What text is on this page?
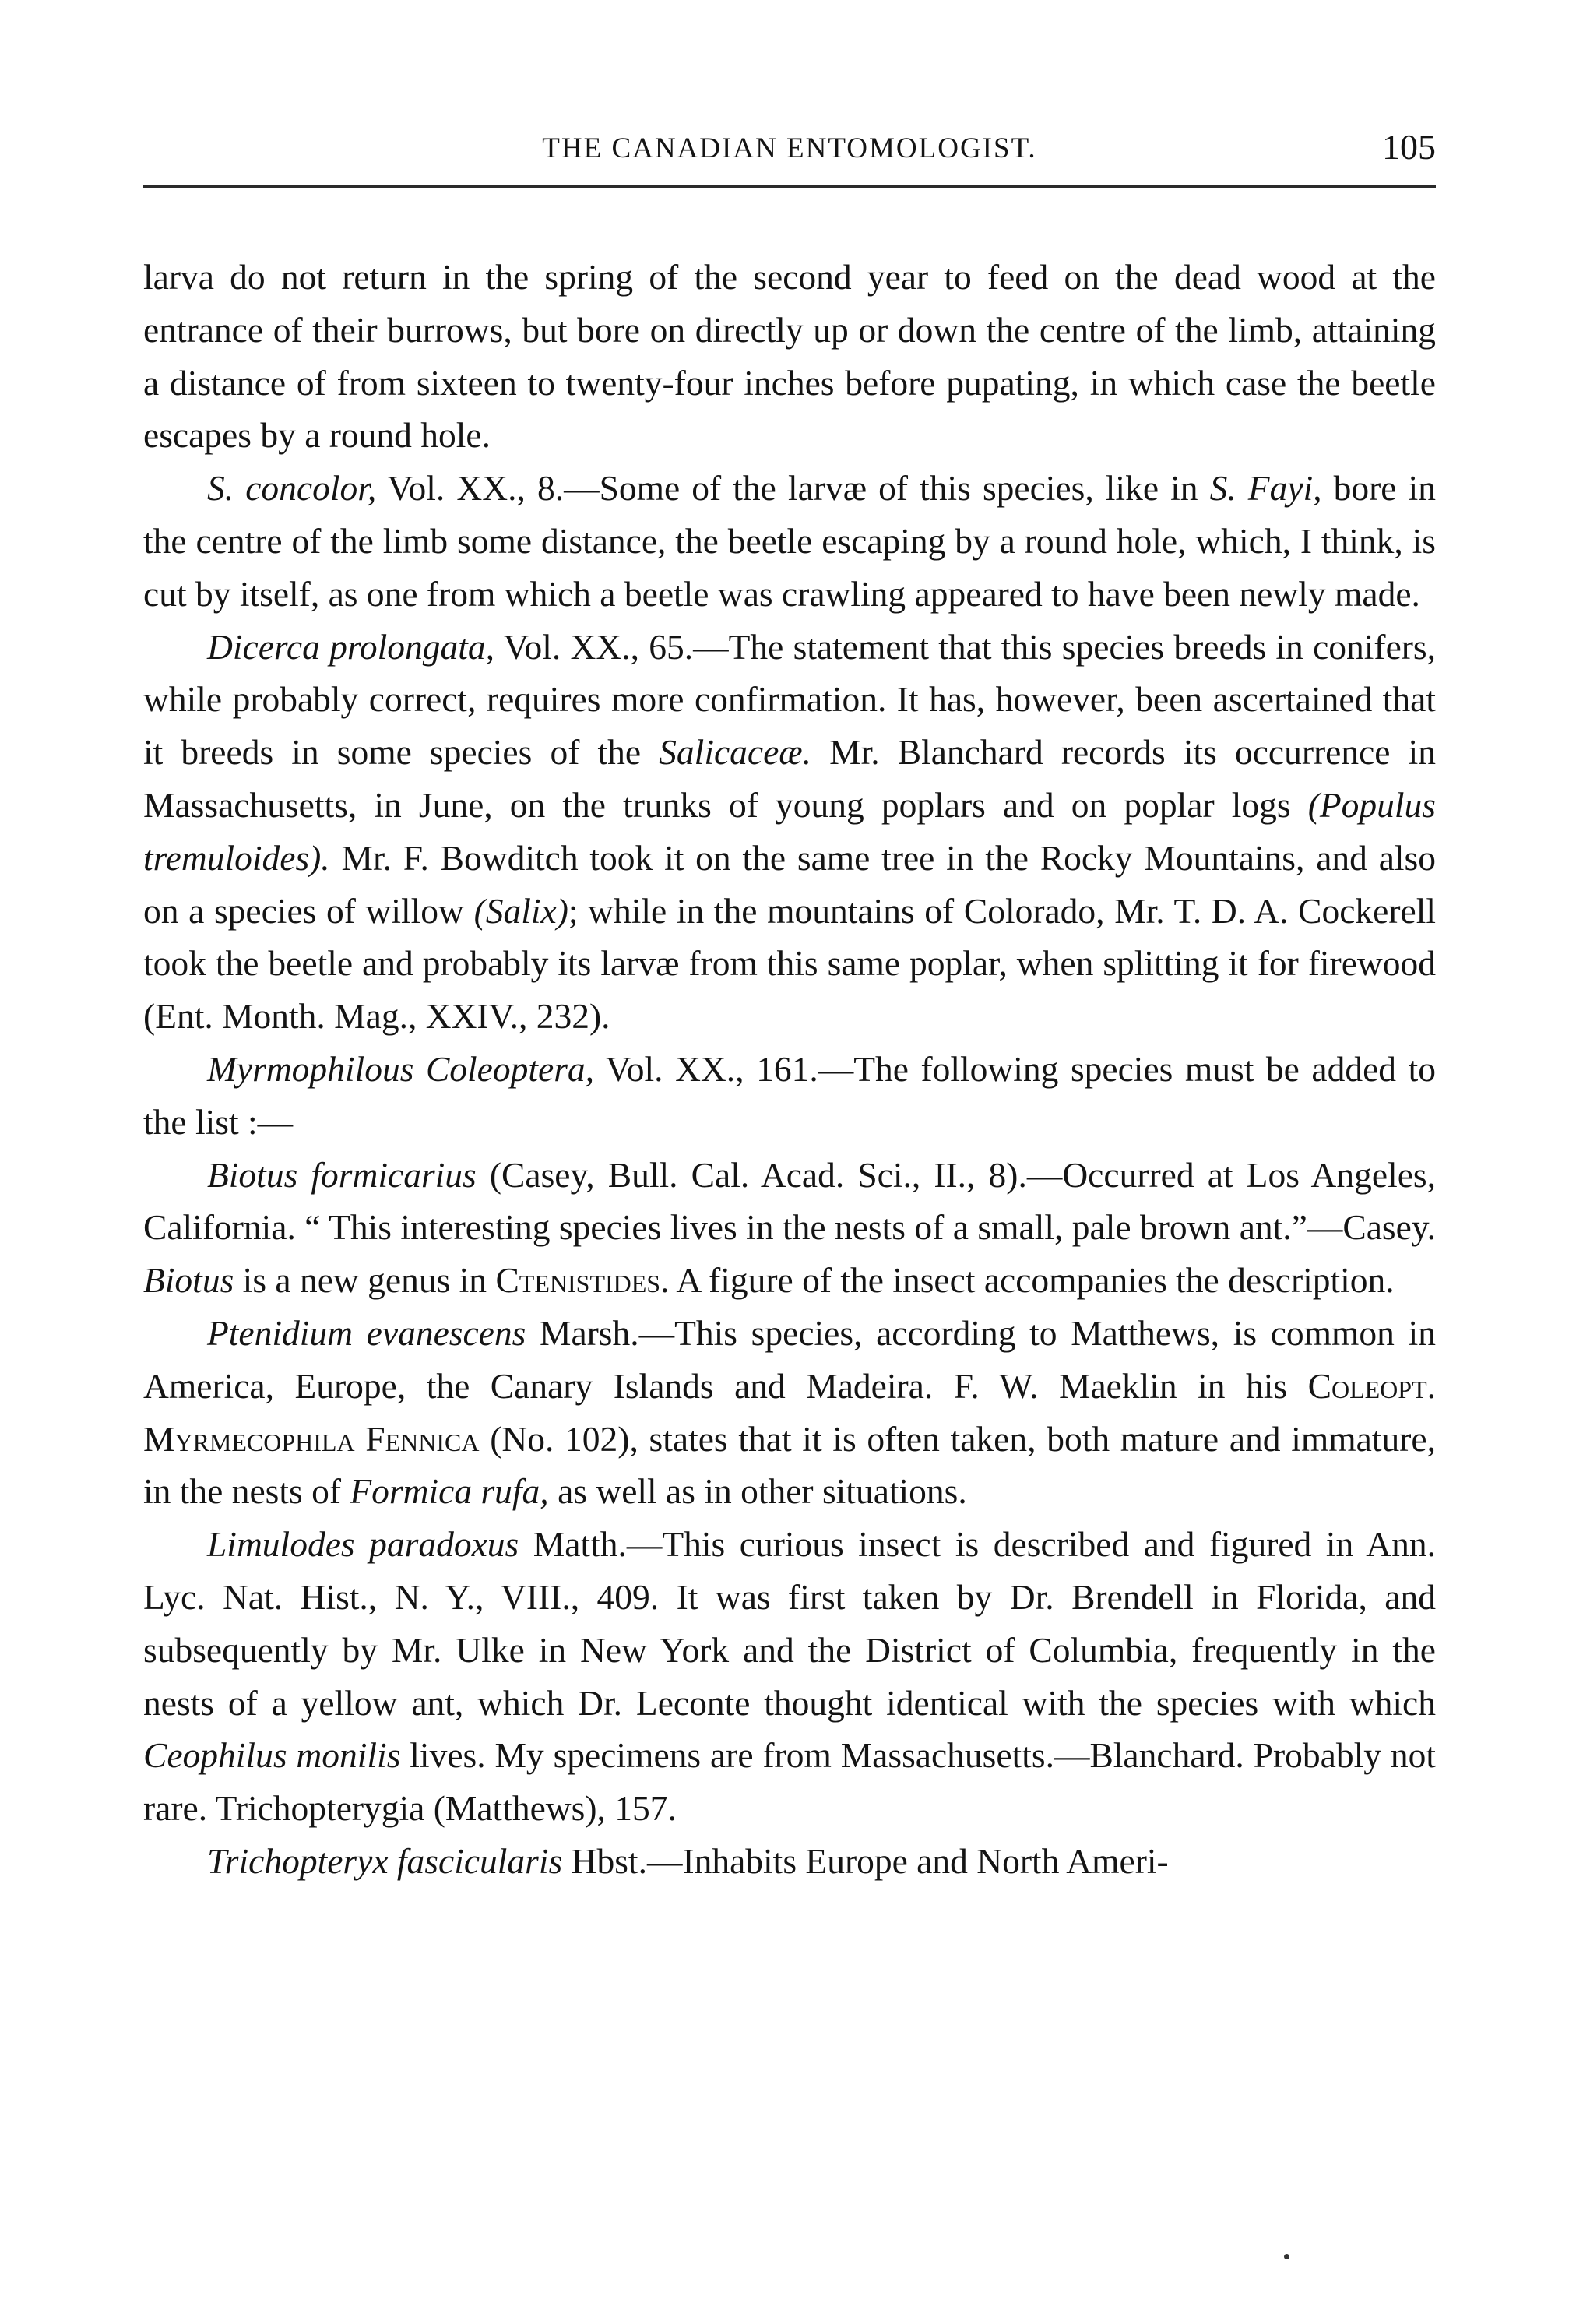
THE CANADIAN ENTOMOLOGIST.	105

larva do not return in the spring of the second year to feed on the dead wood at the entrance of their burrows, but bore on directly up or down the centre of the limb, attaining a distance of from sixteen to twenty-four inches before pupating, in which case the beetle escapes by a round hole.

S. concolor, Vol. XX., 8.—Some of the larvæ of this species, like in S. Fayi, bore in the centre of the limb some distance, the beetle escaping by a round hole, which, I think, is cut by itself, as one from which a beetle was crawling appeared to have been newly made.

Dicerca prolongata, Vol. XX., 65.—The statement that this species breeds in conifers, while probably correct, requires more confirmation. It has, however, been ascertained that it breeds in some species of the Salicaceæ. Mr. Blanchard records its occurrence in Massachusetts, in June, on the trunks of young poplars and on poplar logs (Populus tremuloides). Mr. F. Bowditch took it on the same tree in the Rocky Mountains, and also on a species of willow (Salix); while in the mountains of Colorado, Mr. T. D. A. Cockerell took the beetle and probably its larvæ from this same poplar, when splitting it for firewood (Ent. Month. Mag., XXIV., 232).

Myrmophilous Coleoptera, Vol. XX., 161.—The following species must be added to the list :—

Biotus formicarius (Casey, Bull. Cal. Acad. Sci., II., 8).—Occurred at Los Angeles, California. “ This interesting species lives in the nests of a small, pale brown ant.”—Casey. Biotus is a new genus in Ctenistides. A figure of the insect accompanies the description.

Ptenidium evanescens Marsh.—This species, according to Matthews, is common in America, Europe, the Canary Islands and Madeira. F. W. Maeklin in his Coleopt. Myrmecophila Fennica (No. 102), states that it is often taken, both mature and immature, in the nests of Formica rufa, as well as in other situations.

Limulodes paradoxus Matth.—This curious insect is described and figured in Ann. Lyc. Nat. Hist., N. Y., VIII., 409. It was first taken by Dr. Brendell in Florida, and subsequently by Mr. Ulke in New York and the District of Columbia, frequently in the nests of a yellow ant, which Dr. Leconte thought identical with the species with which Ceophilus monilis lives. My specimens are from Massachusetts.—Blanchard. Probably not rare. Trichopterygia (Matthews), 157.

Trichopteryx fascicularis Hbst.—Inhabits Europe and North Ameri-
